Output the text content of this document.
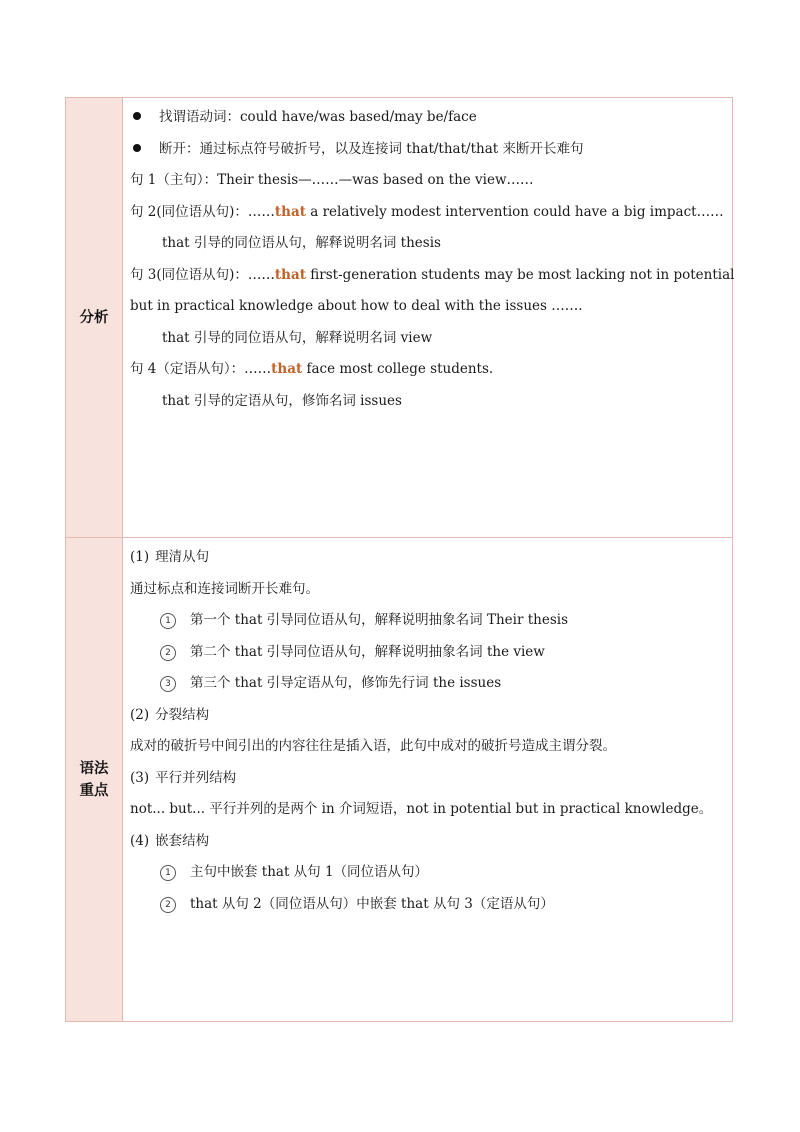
分析
找谓语动词：could have/was based/may be/face
断开：通过标点符号破折号，以及连接词 that/that/that 来断开长难句
句 1（主句）：Their thesis—……—was based on the view……
句 2(同位语从句)：……that a relatively modest intervention could have a big impact……
that 引导的同位语从句，解释说明名词 thesis
句 3(同位语从句)：……that first-generation students may be most lacking not in potential
but in practical knowledge about how to deal with the issues …….
that 引导的同位语从句，解释说明名词 view
句 4（定语从句）：……that face most college students.
that 引导的定语从句，修饰名词 issues
语法
重点
(1) 理清从句
通过标点和连接词断开长难句。
1 第一个 that 引导同位语从句，解释说明抽象名词 Their thesis
2 第二个 that 引导同位语从句，解释说明抽象名词 the view
3 第三个 that 引导定语从句，修饰先行词 the issues
(2) 分裂结构
成对的破折号中间引出的内容往往是插入语，此句中成对的破折号造成主谓分裂。
(3) 平行并列结构
not... but... 平行并列的是两个 in 介词短语，not in potential but in practical knowledge。
(4) 嵌套结构
1 主句中嵌套 that 从句 1（同位语从句）
2 that 从句 2（同位语从句）中嵌套 that 从句 3（定语从句）
